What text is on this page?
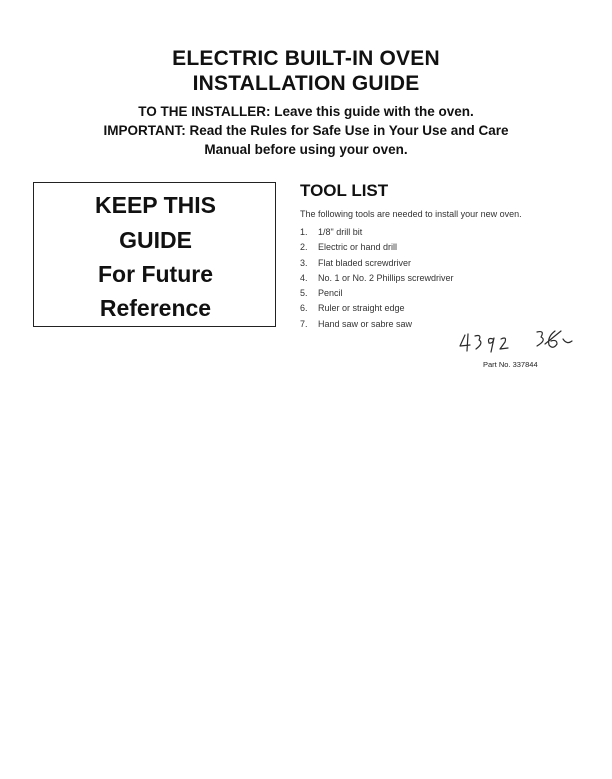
ELECTRIC BUILT-IN OVEN
INSTALLATION GUIDE
TO THE INSTALLER: Leave this guide with the oven.
IMPORTANT: Read the Rules for Safe Use in Your Use and Care
Manual before using your oven.
KEEP THIS
GUIDE
For Future
Reference
TOOL LIST
The following tools are needed to install your new oven.
1. 1/8" drill bit
2. Electric or hand drill
3. Flat bladed screwdriver
4. No. 1 or No. 2 Phillips screwdriver
5. Pencil
6. Ruler or straight edge
7. Hand saw or sabre saw
Part No. 337844
